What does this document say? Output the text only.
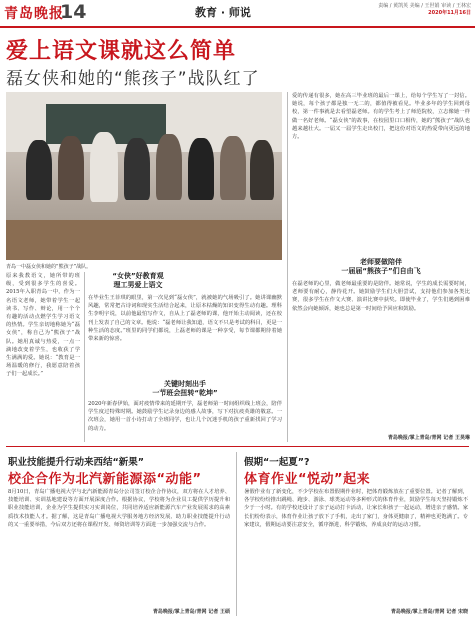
青岛晚报
14	教育 · 师说	责编 / 黄凯英 美编 / 王世娟 审读 / 王林宏
2020年11月16日
爱上语文课就这么简单
磊女侠和她的“熊孩子”战队红了
青岛一中磊女侠和她的“熊孩子”战队。
原来我教语文，她所带的班级，受到很多学生的喜爱。2015年入职青岛一中，作为一名语文老师，她带着学生一起读书、写作、辩论，用一个个有趣的活动点燃学生学习语文的热情。学生亲切地称她为“磊女侠”，称自己为“熊孩子”战队。她用真诚与热爱，一点一滴地改变着学生，也收获了学生满满的爱。她说：“教育是一场温暖的修行，我愿意陪着孩子们一起成长。”
“女侠”好教育观
理工男爱上语文
在毕业生王菲琪的眼里，第一次见到“磊女侠”，就被她的气场吸引了。她讲课幽默风趣，常常把古诗词和现实生活结合起来，让原本枯燥的知识变得生动有趣。理科生李明宇说，以前他最怕写作文，自从上了磊老师的课，他开始主动阅读，还在校刊上发表了自己的文章。他说：“磊老师让我知道，语文不只是考试的科目，更是一种生活的态度。”班里的同学们都说，上磊老师的课是一种享受，每节课都期待着她带来新的惊喜。
关键时刻出手
一节班会扭转“乾坤”
2020年新春伊始，面对疫情带来的延期开学，磊老师第一时间组织线上班会，陪伴学生度过特殊时期。她鼓励学生记录身边的感人故事，写下对抗疫英雄的敬意。一次班会，她用一首小诗打动了全班同学，也让几个沉迷手机的孩子重新找回了学习的动力。
爱的传递有很多，她在高三毕业班的最后一课上，给每个学生写了一封信。她说，每个孩子都是独一无二的，都值得被看见。毕业多年的学生回到母校，第一件事就是去看望磊老师。有的学生考上了师范院校，立志像她一样做一名好老师。“磊女侠”的故事，在校园里口口相传，她的“熊孩子”战队也越来越壮大。一届又一届学生走出校门，把这份对语文的热爱带向更远的地方。
老师要做陪伴
一届届“熊孩子”们自由飞
在磊老师的心里，做老师最重要的是陪伴。她常说，学生的成长需要时间，老师要有耐心，静待花开。她鼓励学生们大胆尝试，支持他们参加各类比赛，很多学生在作文大赛、演讲比赛中获奖。即使毕业了，学生们遇到困难依然会向她倾诉，她也总是第一时间给予回应和鼓励。
青岛晚报/掌上青岛/青网 记者 王昊琳
职业技能提升行动来西结“新果”
校企合作为北汽新能源添“动能”
8月10日，青岛广播电视大学与北汽新能源青岛分公司签订校企合作协议，双方将在人才培养、技能培训、实训基地建设等方面开展深度合作。根据协议，学校将为企业员工提供学历提升和职业技能培训，企业为学生提供实习实训岗位，共同培养适应新能源汽车产业发展需求的高素质技术技能人才。据了解，这是青岛广播电视大学服务地方经济发展、助力职业技能提升行动的又一重要举措，今后双方还将在课程开发、师资培训等方面进一步加强交流与合作。
青岛晚报/掌上青岛/青网 记者 王硕
假期“一起夏”?
体育作业“悦动”起来
暑假作业有了新变化，不少学校在布置假期作业时，把体育锻炼放在了重要位置。记者了解到，各学校纷纷推出跳绳、跑步、游泳、球类运动等多种形式的体育作业，鼓励学生每天坚持锻炼不少于一小时。有的学校还设计了亲子运动打卡活动，让家长和孩子一起运动，增进亲子感情。家长们纷纷表示，体育作业让孩子放下了手机，走出了家门，身体更健康了，精神也更饱满了。专家建议，假期运动要注意安全，循序渐进，科学锻炼，养成良好的运动习惯。
青岛晚报/掌上青岛/青网 记者 宋晓
